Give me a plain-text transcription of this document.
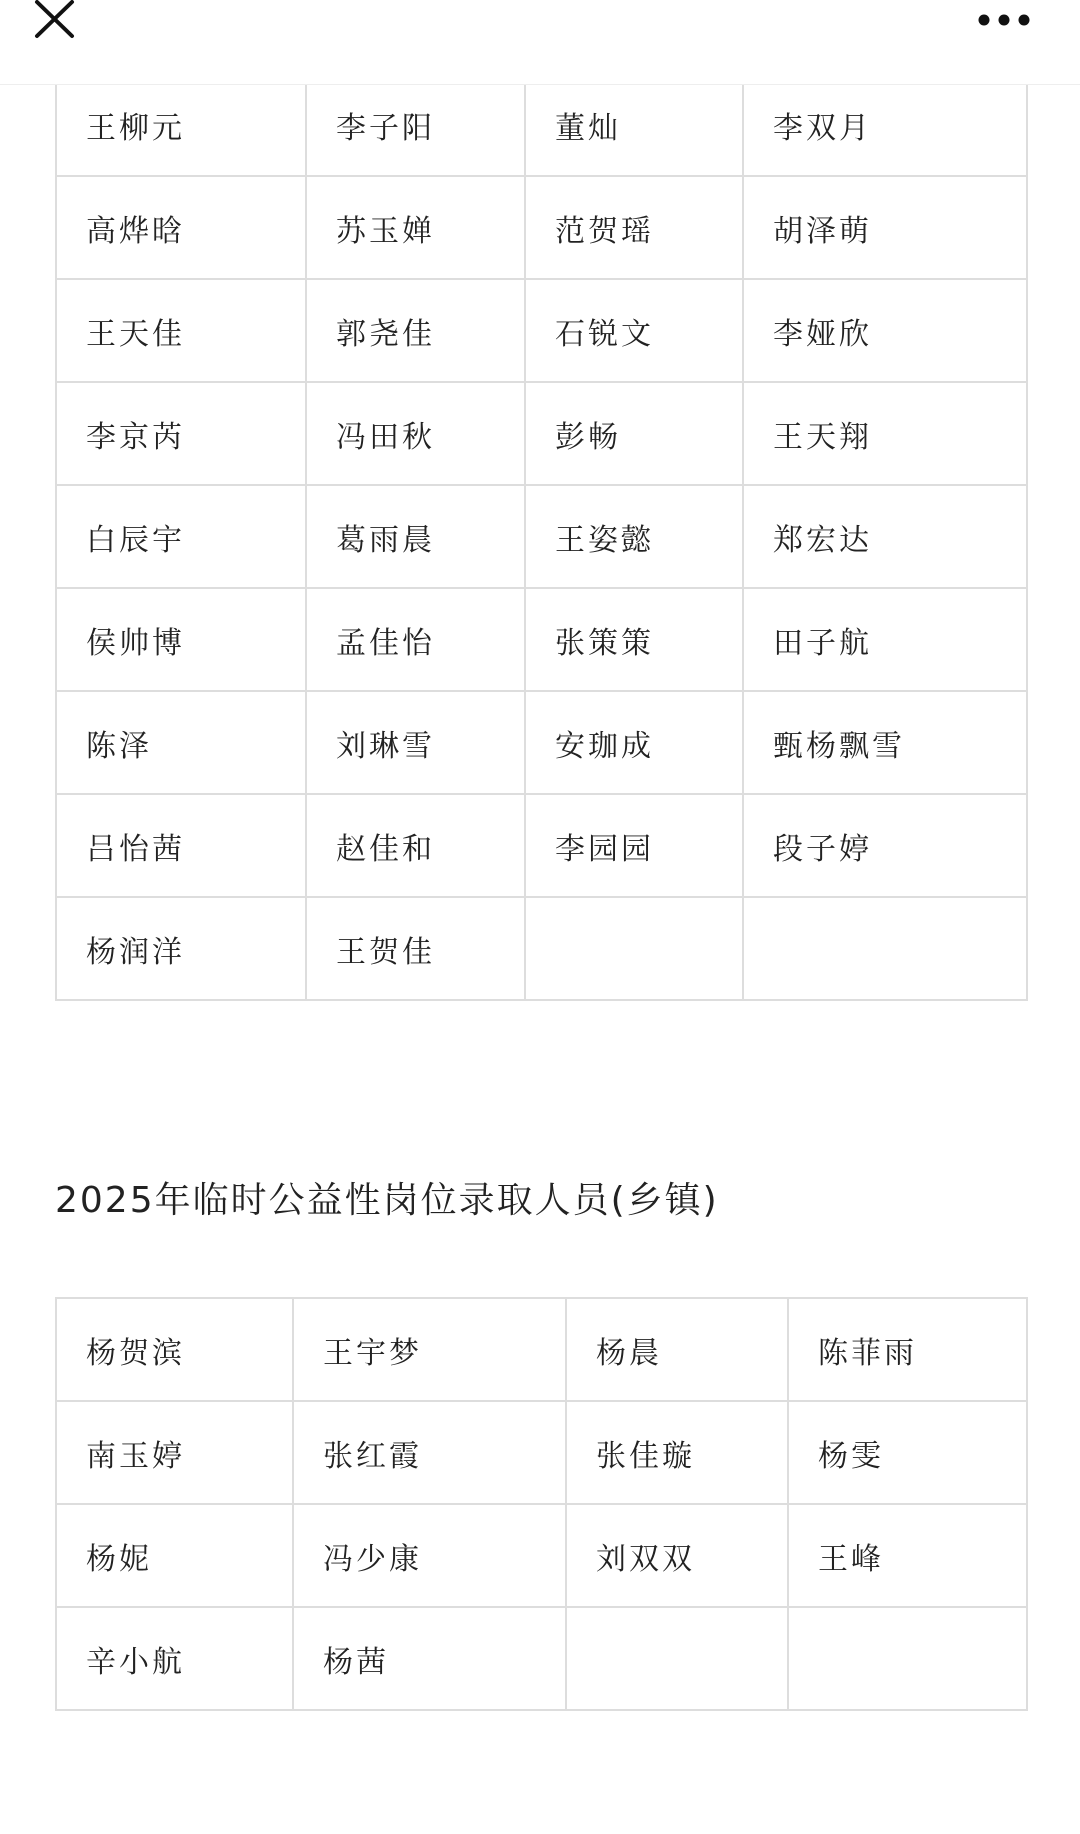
王柳元	李子阳	董灿	李双月
高烨晗	苏玉婵	范贺瑶	胡泽萌
王天佳	郭尧佳	石锐文	李娅欣
李京芮	冯田秋	彭畅	王天翔
白辰宇	葛雨晨	王姿懿	郑宏达
侯帅博	孟佳怡	张策策	田子航
陈泽	刘琳雪	安珈成	甄杨飘雪
吕怡茜	赵佳和	李园园	段子婷
杨润洋	王贺佳		
2025年临时公益性岗位录取人员(乡镇)
杨贺滨	王宇梦	杨晨	陈菲雨
南玉婷	张红霞	张佳璇	杨雯
杨妮	冯少康	刘双双	王峰
辛小航	杨茜		
